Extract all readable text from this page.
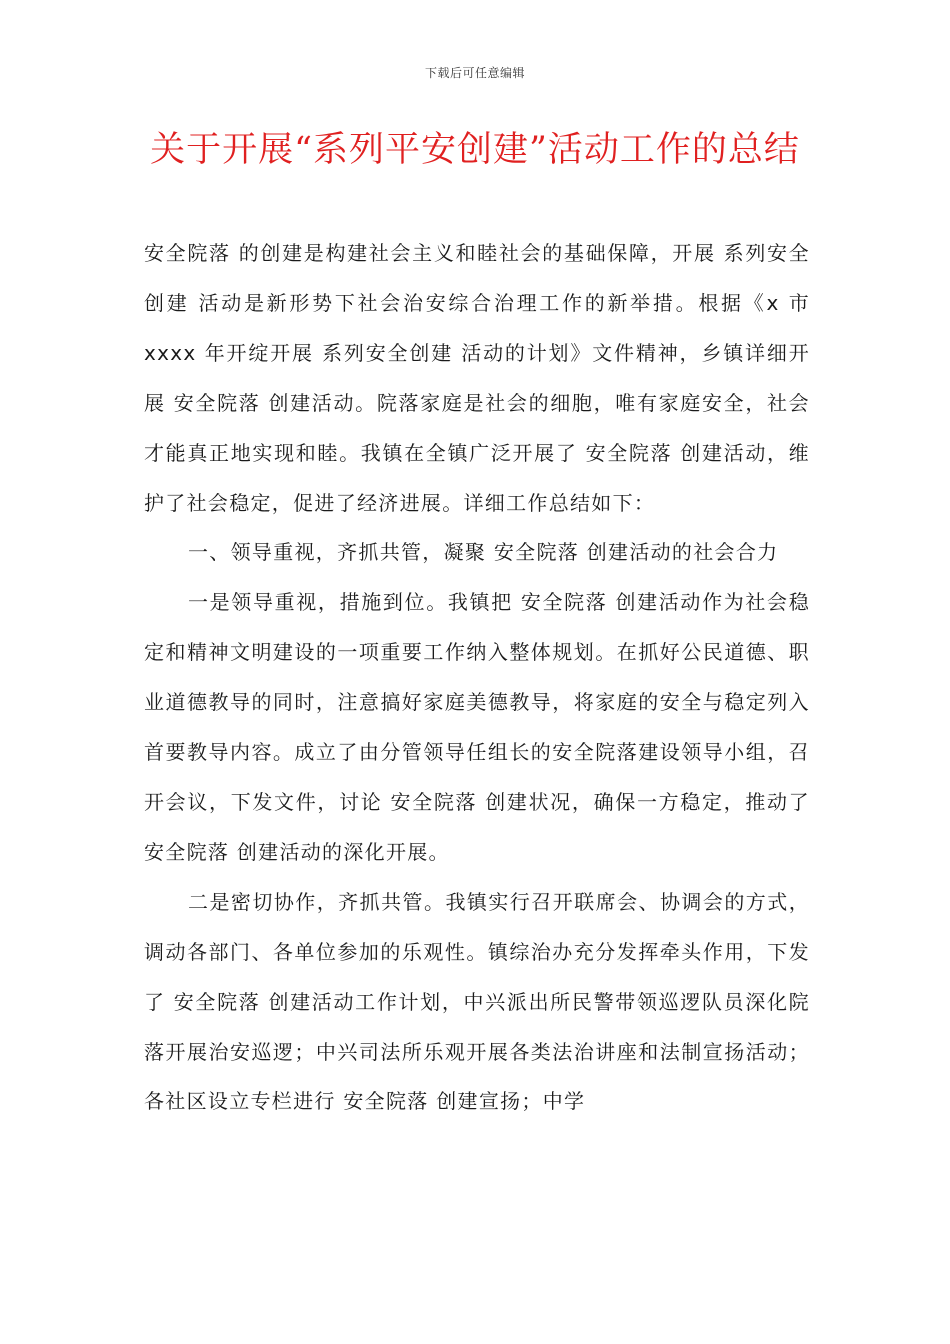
下载后可任意编辑
关于开展“系列平安创建”活动工作的总结

安全院落 的创建是构建社会主义和睦社会的基础保障，开展 系列安全创建 活动是新形势下社会治安综合治理工作的新举措。根据《x 市 xxxx 年开绽开展 系列安全创建 活动的计划》文件精神，乡镇详细开展 安全院落 创建活动。院落家庭是社会的细胞，唯有家庭安全，社会才能真正地实现和睦。我镇在全镇广泛开展了 安全院落 创建活动，维护了社会稳定，促进了经济进展。详细工作总结如下：

一、领导重视，齐抓共管，凝聚 安全院落 创建活动的社会合力

一是领导重视，措施到位。我镇把 安全院落 创建活动作为社会稳定和精神文明建设的一项重要工作纳入整体规划。在抓好公民道德、职业道德教导的同时，注意搞好家庭美德教导，将家庭的安全与稳定列入首要教导内容。成立了由分管领导任组长的安全院落建设领导小组，召开会议，下发文件，讨论 安全院落 创建状况，确保一方稳定，推动了 安全院落 创建活动的深化开展。

二是密切协作，齐抓共管。我镇实行召开联席会、协调会的方式，调动各部门、各单位参加的乐观性。镇综治办充分发挥牵头作用，下发了 安全院落 创建活动工作计划，中兴派出所民警带领巡逻队员深化院落开展治安巡逻；中兴司法所乐观开展各类法治讲座和法制宣扬活动；各社区设立专栏进行 安全院落 创建宣扬；中学
